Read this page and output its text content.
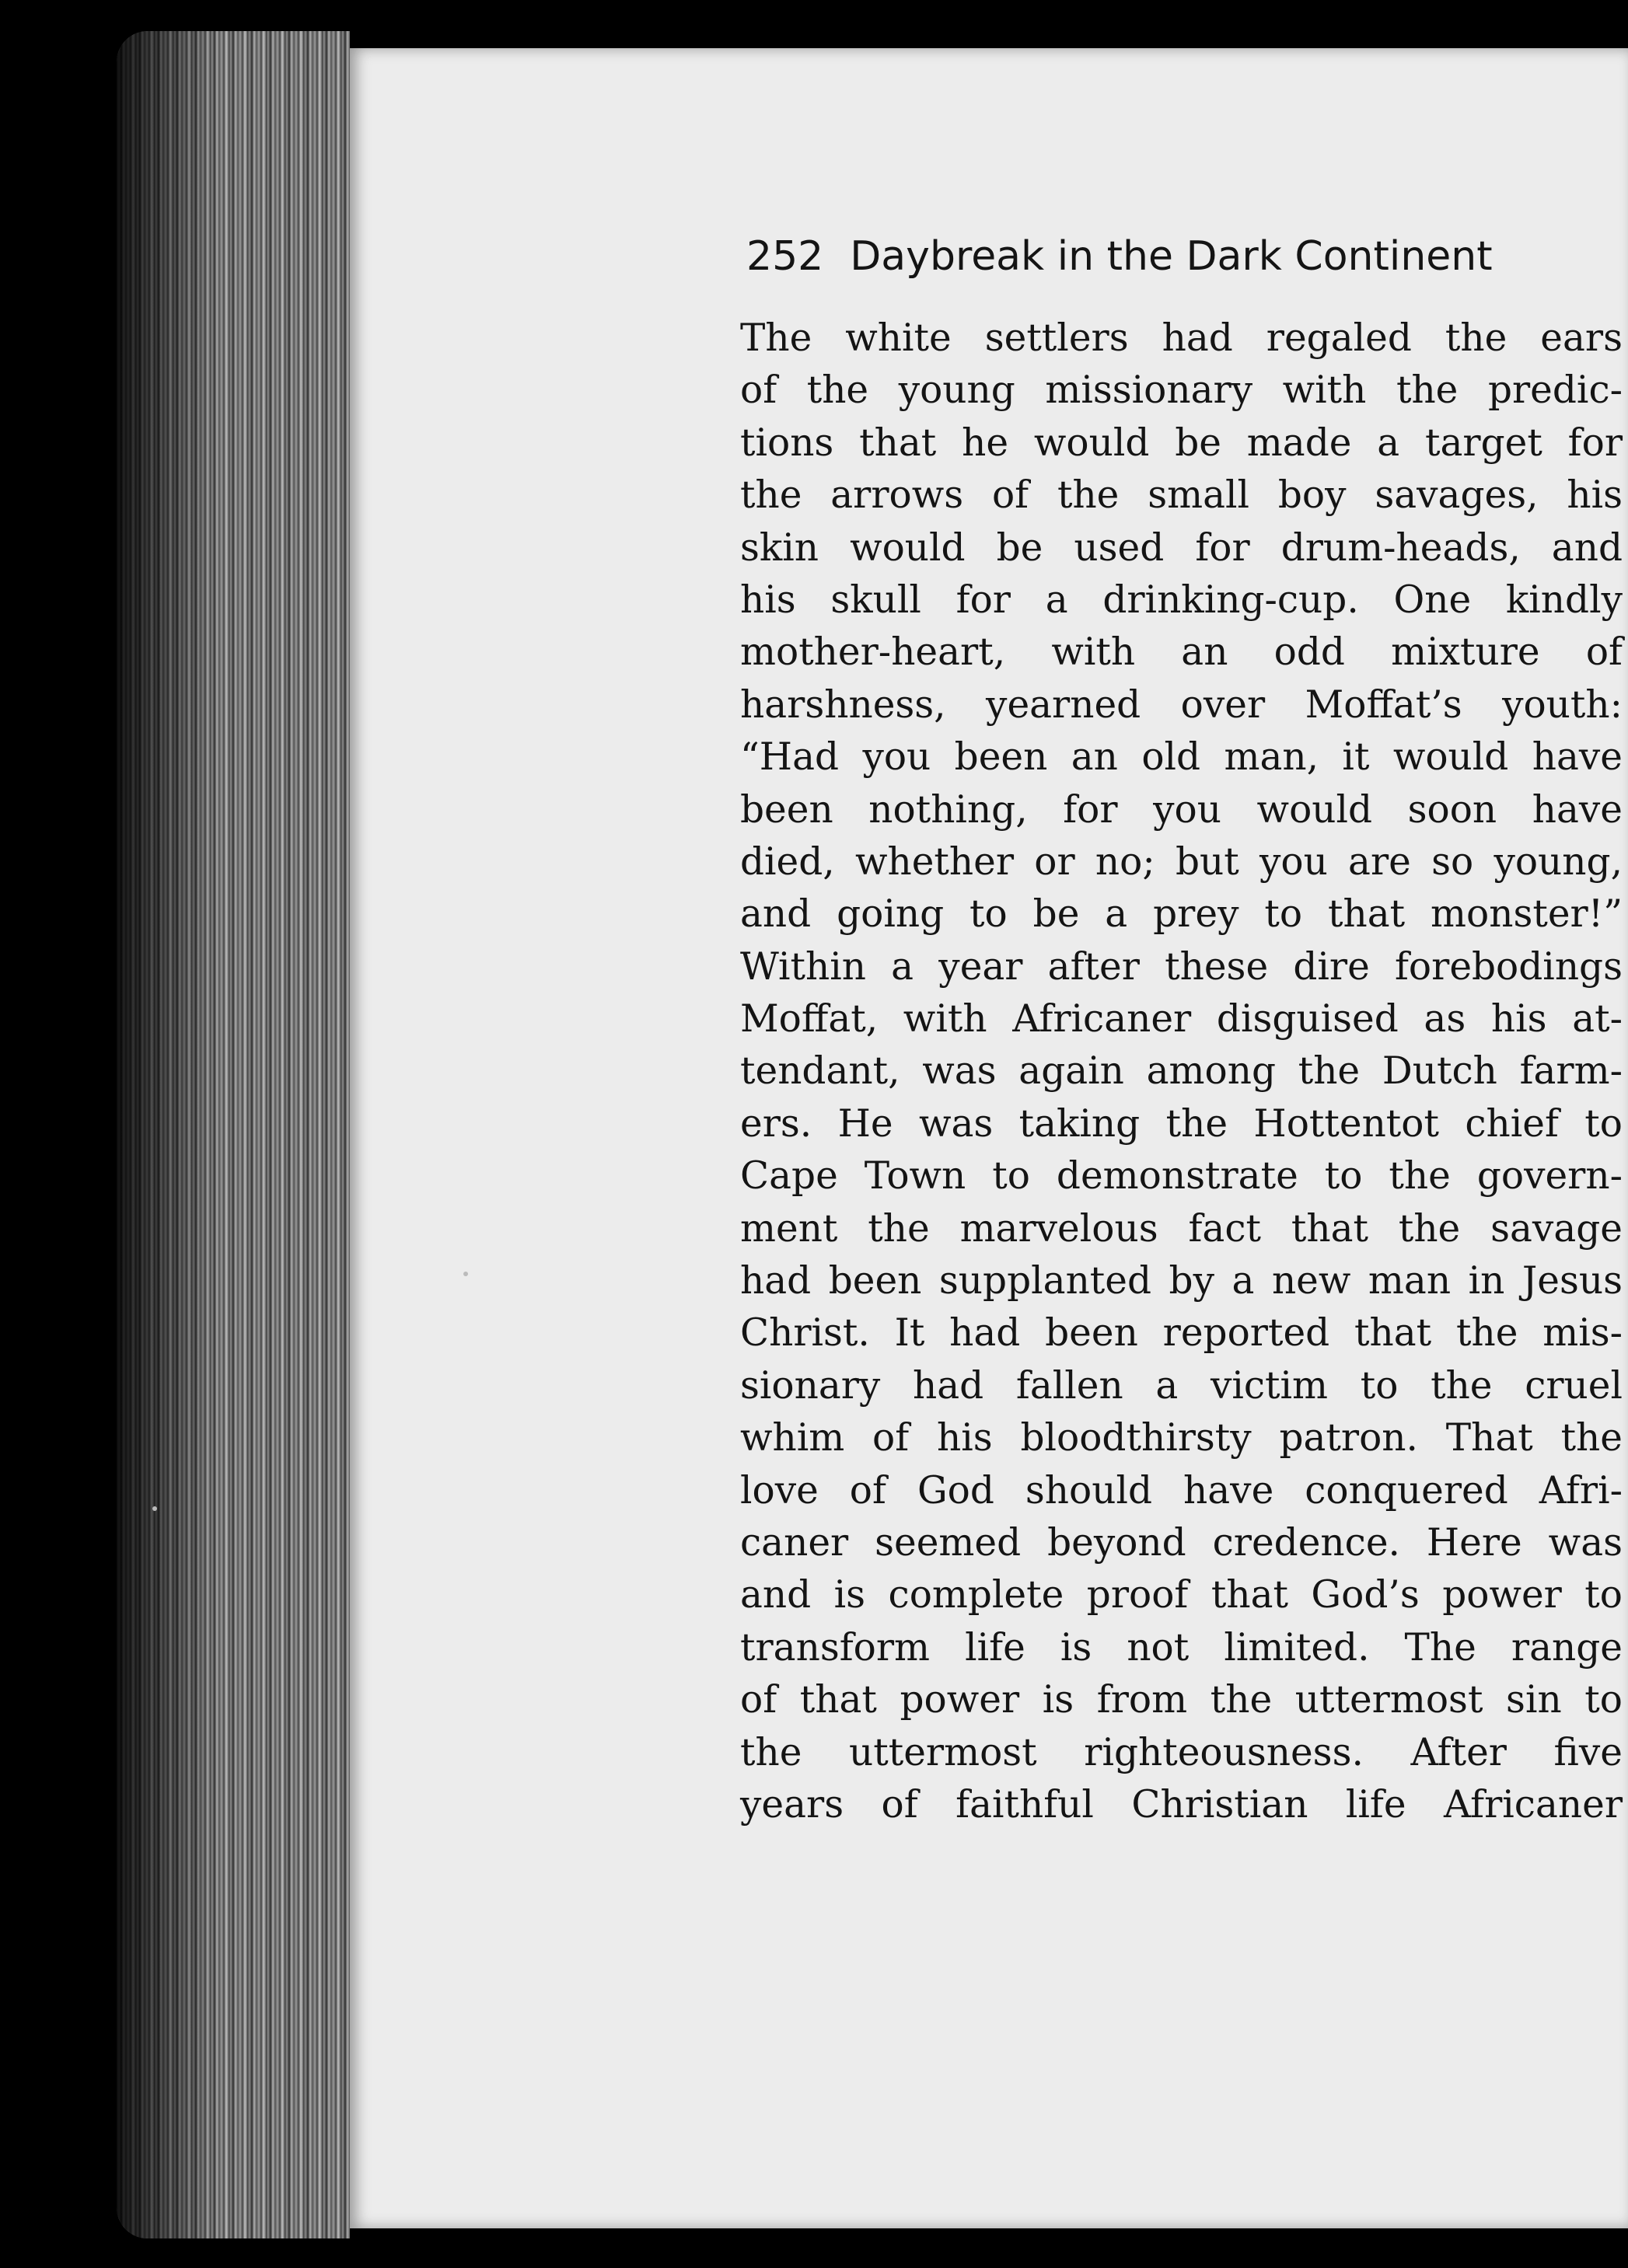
252 Daybreak in the Dark Continent
The white settlers had regaled the ears
of the young missionary with the predic-
tions that he would be made a target for
the arrows of the small boy savages, his
skin would be used for drum-heads, and
his skull for a drinking-cup. One kindly
mother-heart, with an odd mixture of
harshness, yearned over Moffat’s youth:
“Had you been an old man, it would have
been nothing, for you would soon have
died, whether or no; but you are so young,
and going to be a prey to that monster!”
Within a year after these dire forebodings
Moffat, with Africaner disguised as his at-
tendant, was again among the Dutch farm-
ers. He was taking the Hottentot chief to
Cape Town to demonstrate to the govern-
ment the marvelous fact that the savage
had been supplanted by a new man in Jesus
Christ. It had been reported that the mis-
sionary had fallen a victim to the cruel
whim of his bloodthirsty patron. That the
love of God should have conquered Afri-
caner seemed beyond credence. Here was
and is complete proof that God’s power to
transform life is not limited. The range
of that power is from the uttermost sin to
the uttermost righteousness. After five
years of faithful Christian life Africaner
